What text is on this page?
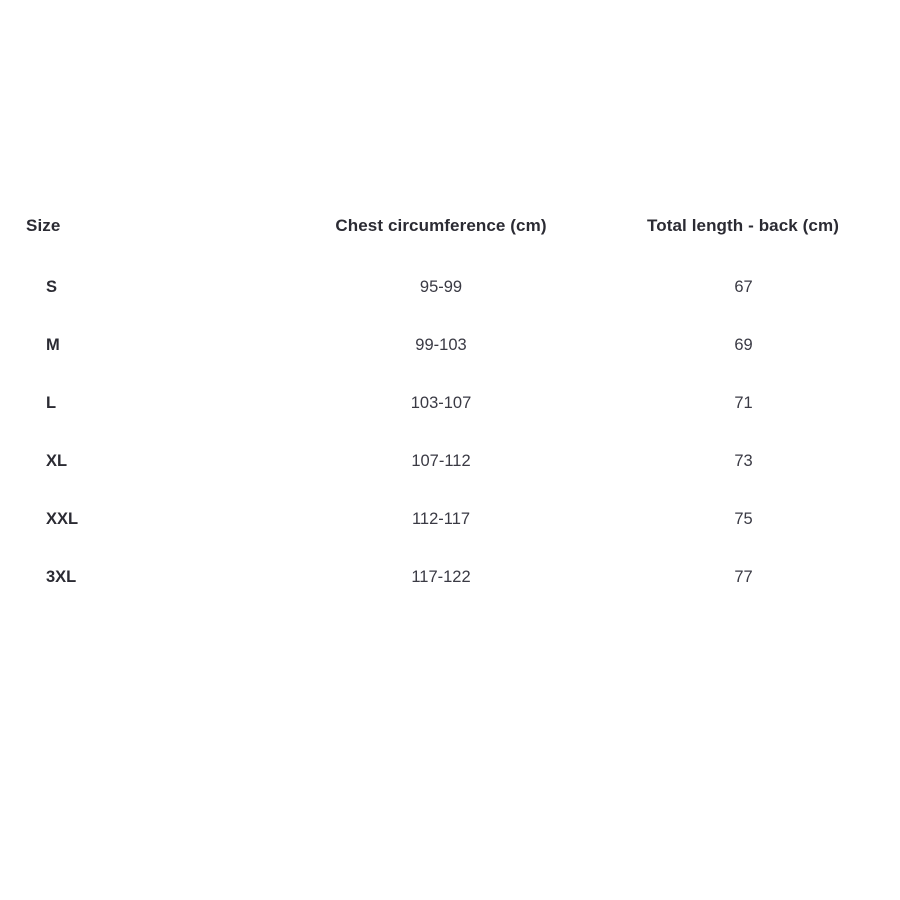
Size	Chest circumference (cm)	Total length - back (cm)
S	95-99	67
M	99-103	69
L	103-107	71
XL	107-112	73
XXL	112-117	75
3XL	117-122	77
